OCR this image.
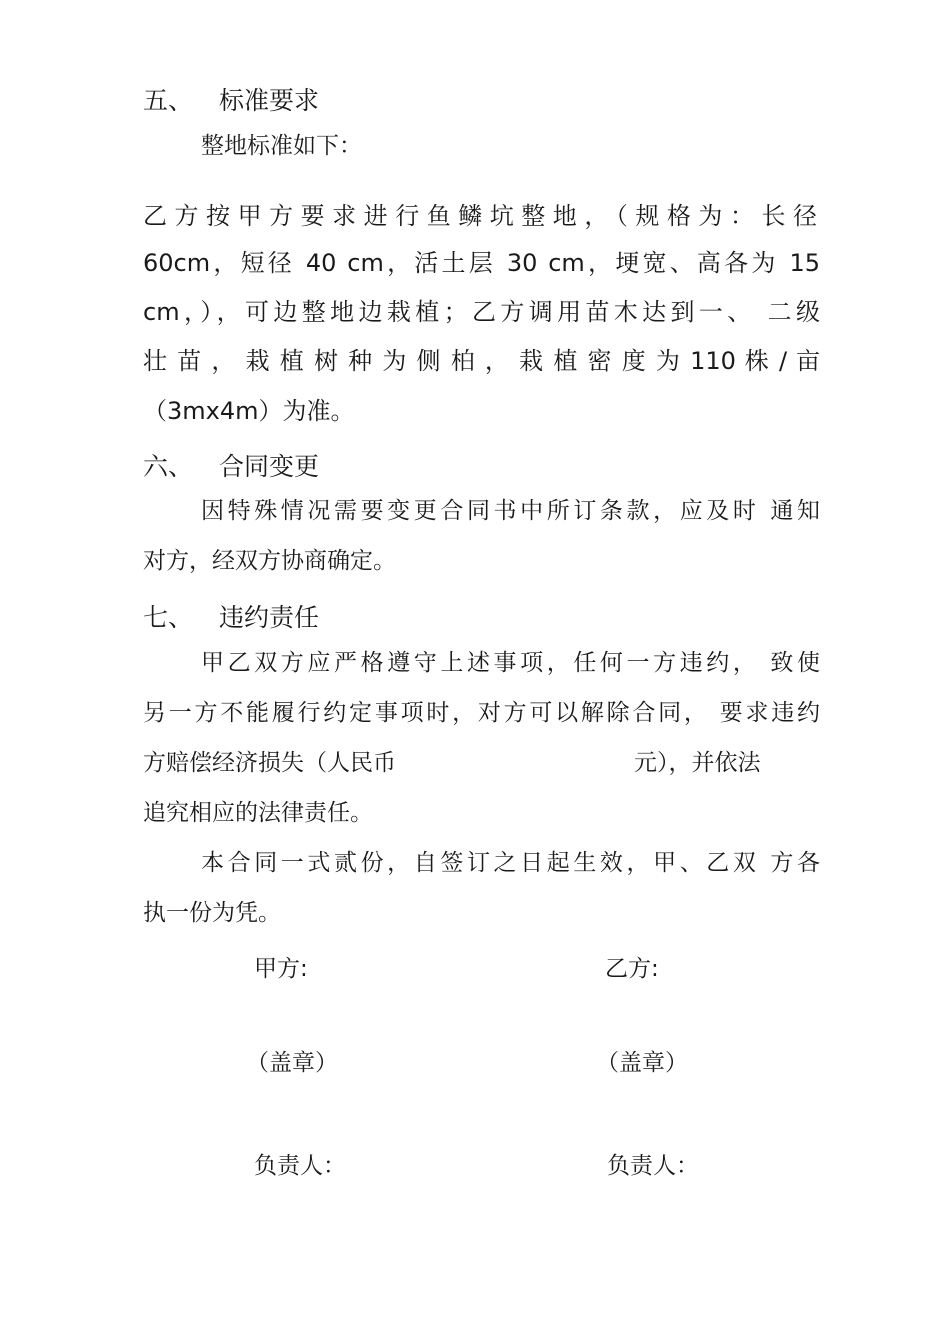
五、 标准要求
整地标准如下：
乙方按甲方要求进行鱼鳞坑整地，（规格为：长径
60cm，短径 40 cm，活土层 30 cm，埂宽、高各为 15
cm，），可边整地边栽植；乙方调用苗木达到一、 二级
壮 苗 ， 栽 植 树 种 为 侧 柏 ， 栽 植 密 度 为 110 株 / 亩
（3mx4m）为准。
六、 合同变更
因特殊情况需要变更合同书中所订条款，应及时 通知
对方，经双方协商确定。
七、 违约责任
甲乙双方应严格遵守上述事项，任何一方违约， 致使
另一方不能履行约定事项时，对方可以解除合同， 要求违约
方赔偿经济损失（人民币	元），并依法
追究相应的法律责任。
本合同一式贰份，自签订之日起生效，甲、乙双 方各
执一份为凭。
甲方:	乙方:
（盖章）	（盖章）
负责人：	负责人：
